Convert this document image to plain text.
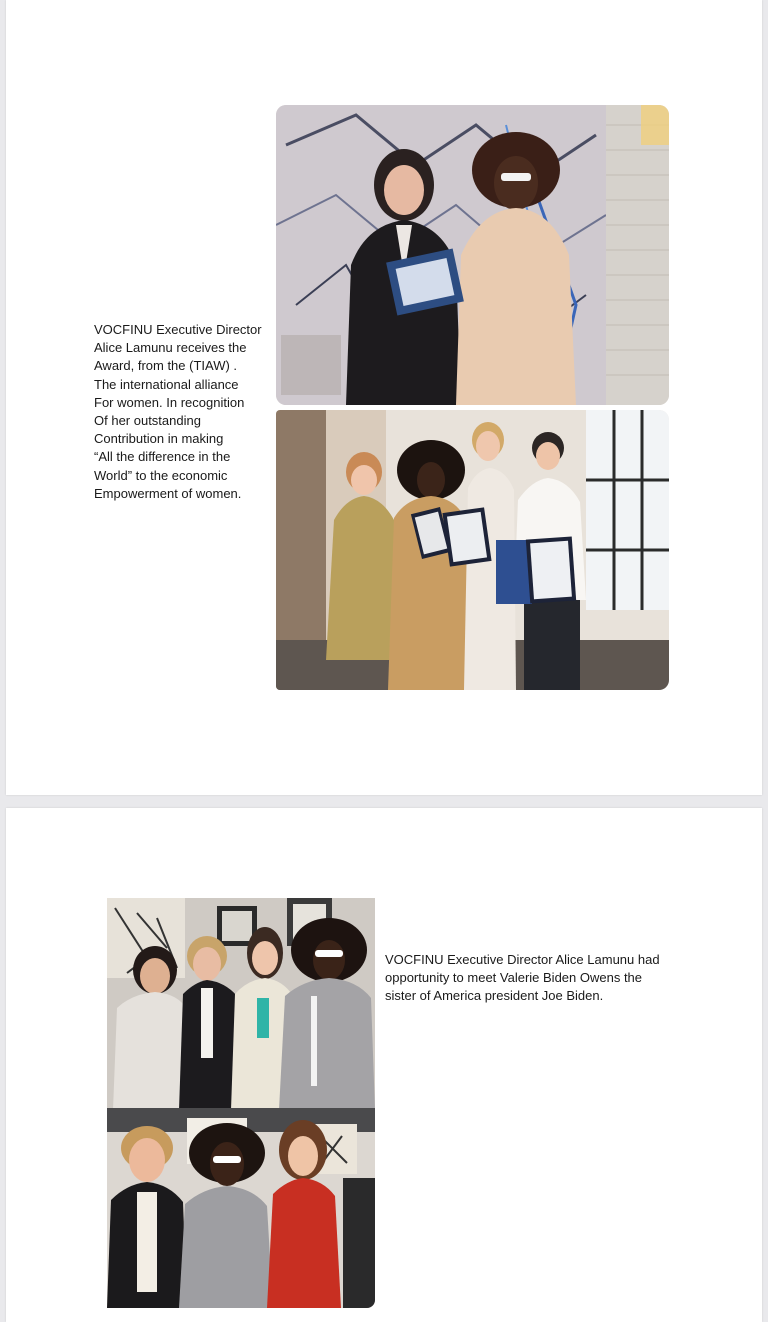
VOCFINU Executive Director
Alice Lamunu receives the
Award, from the (TIAW) .
The international alliance
For women. In recognition
Of her outstanding
Contribution in making
“All the difference in the
World” to the economic
Empowerment of women.
VOCFINU Executive Director Alice Lamunu had
opportunity to meet Valerie Biden Owens the
sister of America president Joe Biden.
